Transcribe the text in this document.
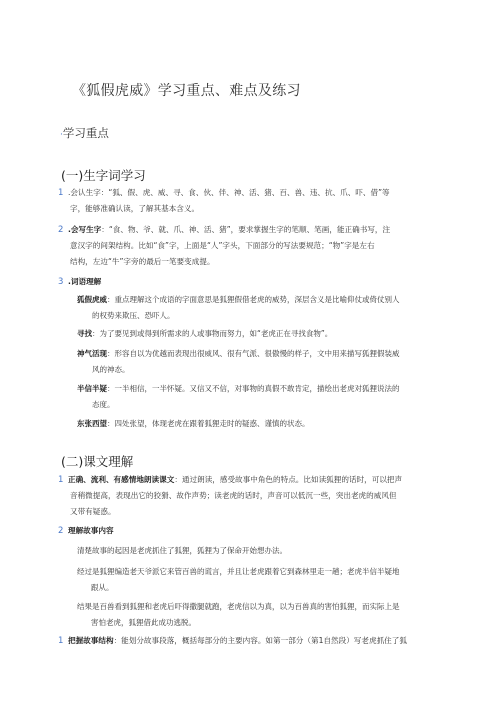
《狐假虎威》学习重点、难点及练习
·学习重点
(一)生字词学习
1 .会认生字：“狐、假、虎、威、寻、食、伙、伴、神、活、猪、百、兽、违、抗、爪、吓、借”等
字，能够准确认读，了解其基本含义。
2 .会写生字：“食、物、爷、就、爪、神、活、猪”，要求掌握生字的笔顺、笔画，能正确书写，注
意汉字的间架结构。比如“食”字，上面是“人”字头，下面部分的写法要规范；“物”字是左右
结构，左边“牛”字旁的最后一笔要变成提。
3 .词语理解
狐假虎威：重点理解这个成语的字面意思是狐狸假借老虎的威势，深层含义是比喻仰仗或倚仗别人
的权势来欺压、恐吓人。
寻找：为了要见到或得到所需求的人或事物而努力，如“老虎正在寻找食物”。
神气活现：形容自以为优越而表现出很威风、很有气派、很傲慢的样子，文中用来描写狐狸假装威
风的神态。
半信半疑：一半相信，一半怀疑。又信又不信，对事物的真假不敢肯定，描绘出老虎对狐狸说法的
态度。
东张西望：四处张望，体现老虎在跟着狐狸走时的疑惑、谨慎的状态。
(二)课文理解
1 正确、流利、有感情地朗读课文：通过朗读，感受故事中角色的特点。比如读狐狸的话时，可以把声
音稍微提高，表现出它的狡猾、故作声势；读老虎的话时，声音可以低沉一些，突出老虎的威风但
又带有疑惑。
2 理解故事内容
清楚故事的起因是老虎抓住了狐狸，狐狸为了保命开始想办法。
经过是狐狸编造老天爷派它来管百兽的谎言，并且让老虎跟着它到森林里走一趟；老虎半信半疑地
跟从。
结果是百兽看到狐狸和老虎后吓得撒腿就跑，老虎信以为真，以为百兽真的害怕狐狸，而实际上是
害怕老虎，狐狸借此成功逃脱。
1 把握故事结构：能划分故事段落，概括每部分的主要内容。如第一部分（第1自然段）写老虎抓住了狐
